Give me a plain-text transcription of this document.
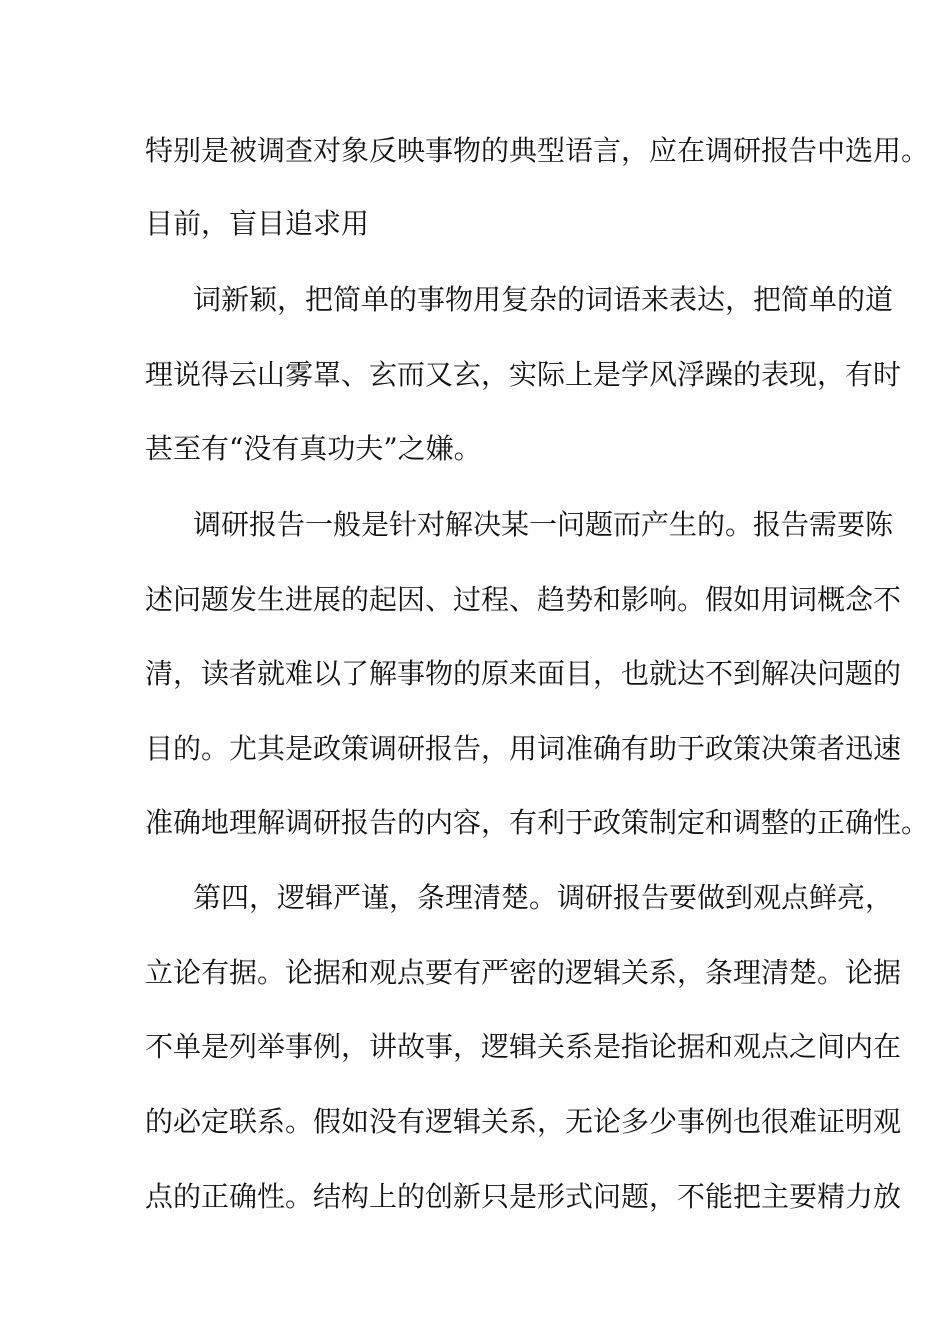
特别是被调查对象反映事物的典型语言，应在调研报告中选用。

目前，盲目追求用

词新颖，把简单的事物用复杂的词语来表达，把简单的道

理说得云山雾罩、玄而又玄，实际上是学风浮躁的表现，有时

甚至有“没有真功夫”之嫌。

调研报告一般是针对解决某一问题而产生的。报告需要陈

述问题发生进展的起因、过程、趋势和影响。假如用词概念不

清，读者就难以了解事物的原来面目，也就达不到解决问题的

目的。尤其是政策调研报告，用词准确有助于政策决策者迅速

准确地理解调研报告的内容，有利于政策制定和调整的正确性。

第四，逻辑严谨，条理清楚。调研报告要做到观点鲜亮，

立论有据。论据和观点要有严密的逻辑关系，条理清楚。论据

不单是列举事例，讲故事，逻辑关系是指论据和观点之间内在

的必定联系。假如没有逻辑关系，无论多少事例也很难证明观

点的正确性。结构上的创新只是形式问题，不能把主要精力放
